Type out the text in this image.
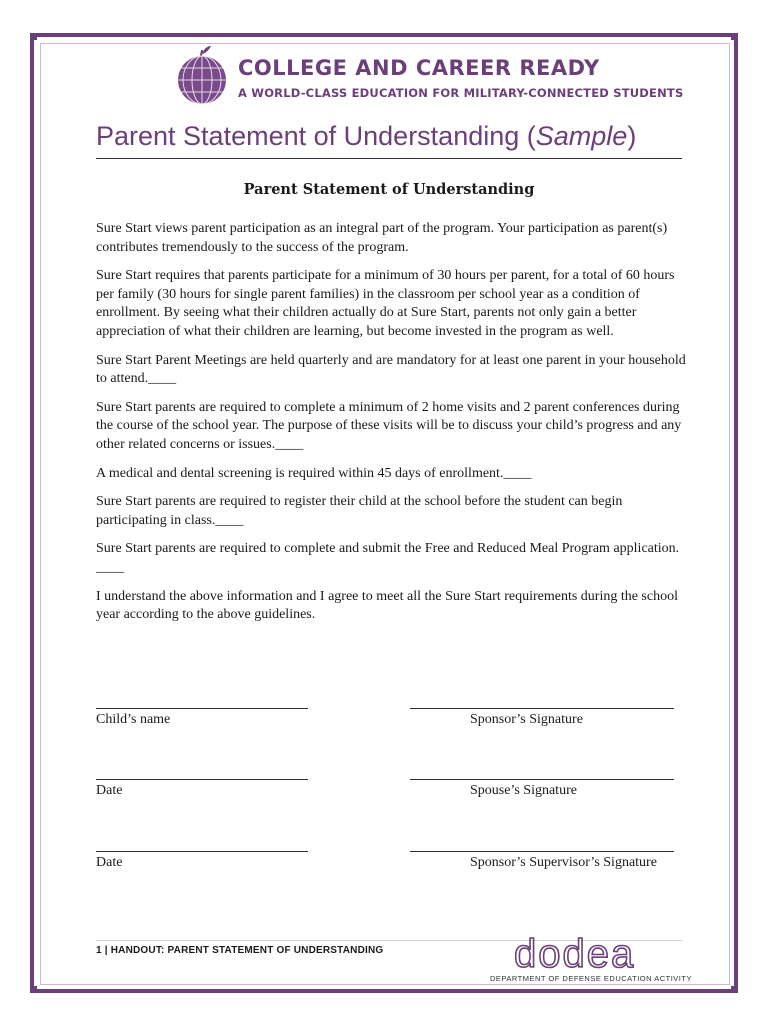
COLLEGE AND CAREER READY
A WORLD-CLASS EDUCATION FOR MILITARY-CONNECTED STUDENTS
Parent Statement of Understanding (Sample)
Parent Statement of Understanding

Sure Start views parent participation as an integral part of the program. Your participation as parent(s) contributes tremendously to the success of the program.

Sure Start requires that parents participate for a minimum of 30 hours per parent, for a total of 60 hours per family (30 hours for single parent families) in the classroom per school year as a condition of enrollment. By seeing what their children actually do at Sure Start, parents not only gain a better appreciation of what their children are learning, but become invested in the program as well.

Sure Start Parent Meetings are held quarterly and are mandatory for at least one parent in your household to attend.____

Sure Start parents are required to complete a minimum of 2 home visits and 2 parent conferences during the course of the school year. The purpose of these visits will be to discuss your child’s progress and any other related concerns or issues.____

A medical and dental screening is required within 45 days of enrollment.____

Sure Start parents are required to register their child at the school before the student can begin participating in class.____

Sure Start parents are required to complete and submit the Free and Reduced Meal Program application. ____

I understand the above information and I agree to meet all the Sure Start requirements during the school year according to the above guidelines.

Child’s name	Sponsor’s Signature
Date	Spouse’s Signature
Date	Sponsor’s Supervisor’s Signature
1 | HANDOUT: PARENT STATEMENT OF UNDERSTANDING	dodea
DEPARTMENT OF DEFENSE EDUCATION ACTIVITY
